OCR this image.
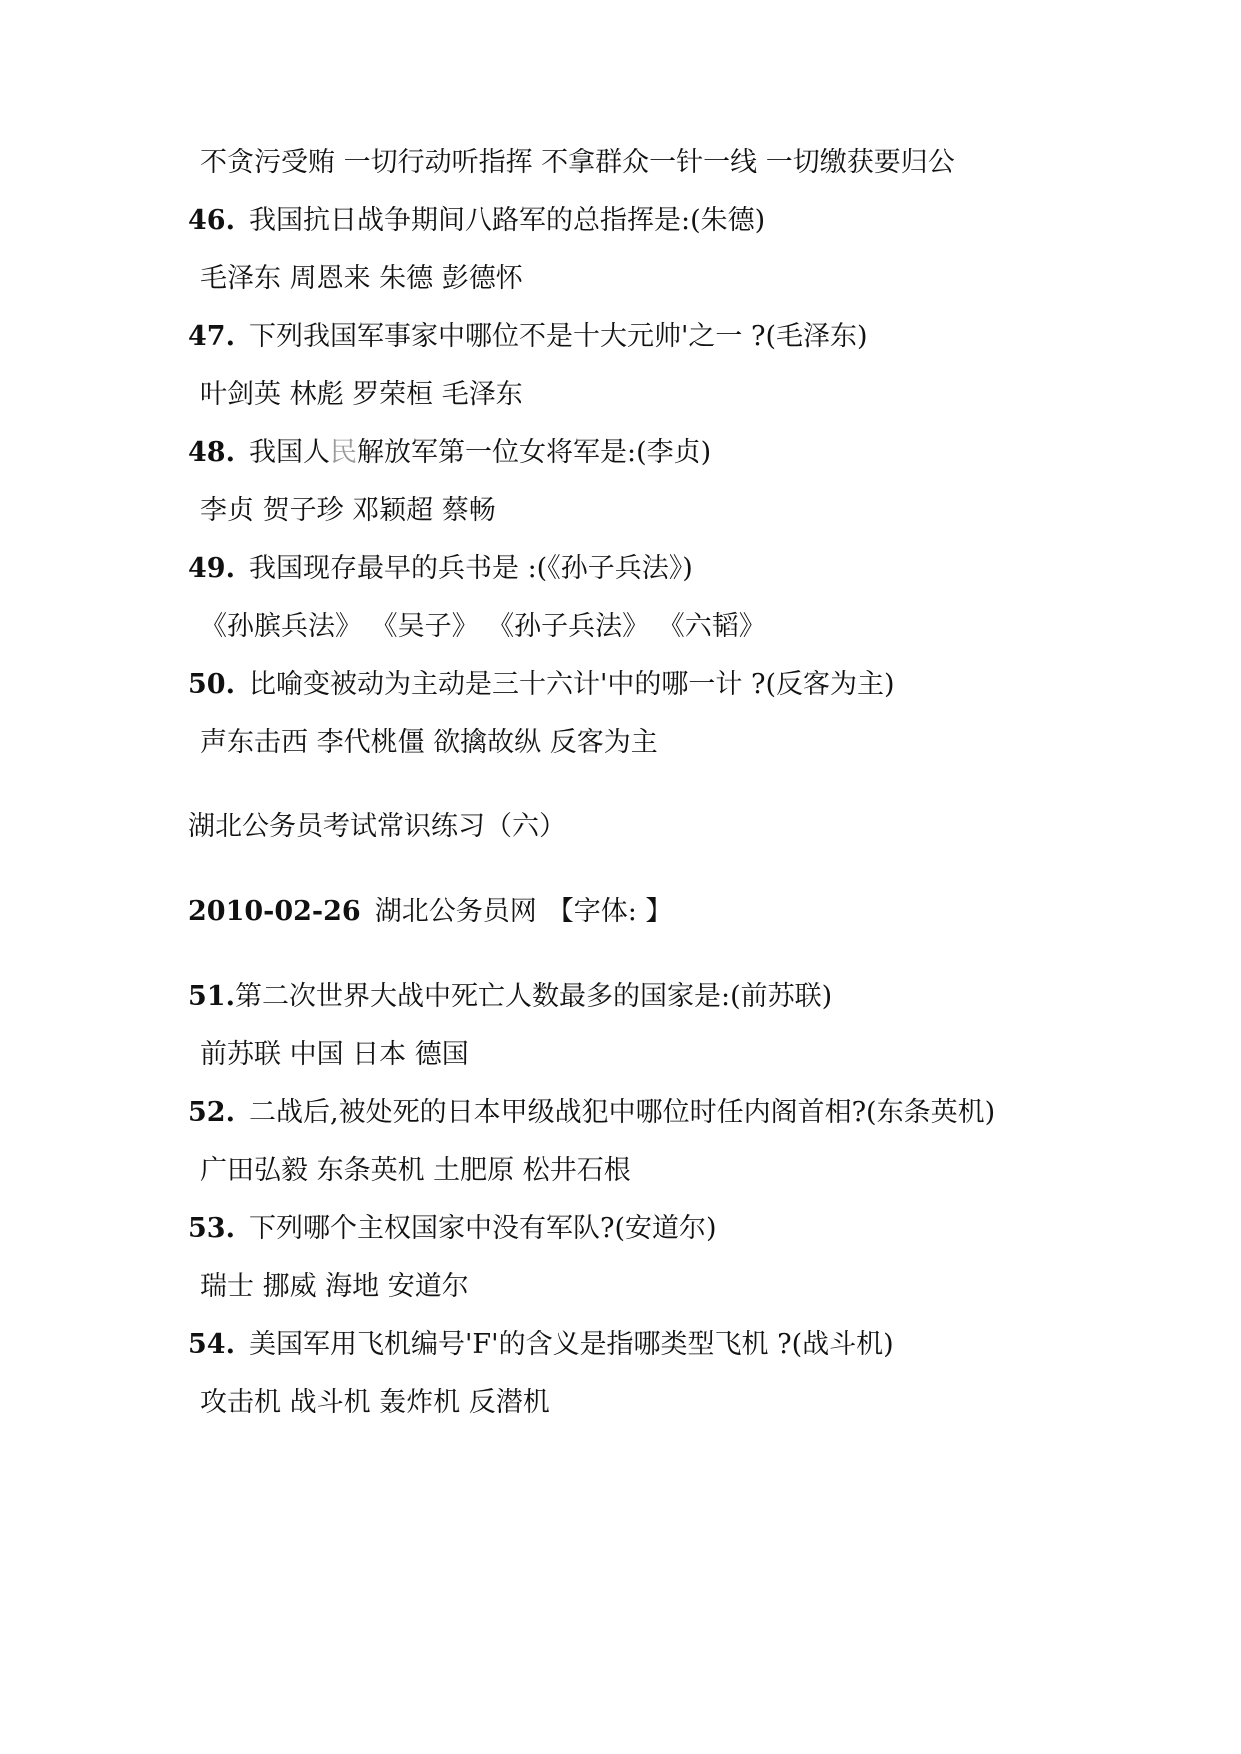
不贪污受贿 一切行动听指挥 不拿群众一针一线 一切缴获要归公
46. 我国抗日战争期间八路军的总指挥是:(朱德)
毛泽东 周恩来 朱德 彭德怀
47. 下列我国军事家中哪位不是十大元帅'之一 ?(毛泽东)
叶剑英 林彪 罗荣桓 毛泽东
48. 我国人民解放军第一位女将军是:(李贞)
李贞 贺子珍 邓颖超 蔡畅
49. 我国现存最早的兵书是 :(《孙子兵法》)
《孙膑兵法》 《吴子》 《孙子兵法》 《六韬》
50. 比喻变被动为主动是三十六计'中的哪一计 ?(反客为主)
声东击西 李代桃僵 欲擒故纵 反客为主
湖北公务员考试常识练习（六）
2010-02-26 湖北公务员网 【字体: 】
51.第二次世界大战中死亡人数最多的国家是:(前苏联)
前苏联 中国 日本 德国
52. 二战后,被处死的日本甲级战犯中哪位时任内阁首相?(东条英机)
广田弘毅 东条英机 土肥原 松井石根
53. 下列哪个主权国家中没有军队?(安道尔)
瑞士 挪威 海地 安道尔
54. 美国军用飞机编号'F'的含义是指哪类型飞机 ?(战斗机)
攻击机 战斗机 轰炸机 反潜机
